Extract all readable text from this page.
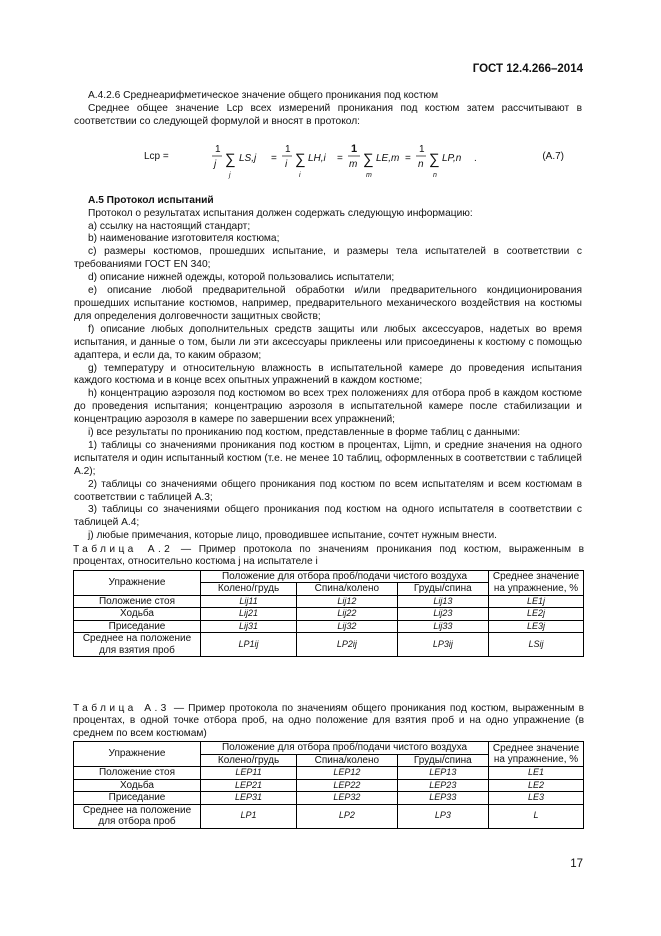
ГОСТ 12.4.266–2014

А.4.2.6 Среднеарифметическое значение общего проникания под костюм

Среднее общее значение Lср всех измерений проникания под костюм затем рассчитывают в соответствии со следующей формулой и вносят в протокол:

Lср =
1
j ∑
j
LS,j =
1
i ∑
i
LH,i =
1
m ∑
m
LE,m =
1
n ∑
n
LP,n .	(А.7)

А.5 Протокол испытаний

Протокол о результатах испытания должен содержать следующую информацию:

а) ссылку на настоящий стандарт;

b) наименование изготовителя костюма;

с) размеры костюмов, прошедших испытание, и размеры тела испытателей в соответствии с требованиями ГОСТ EN 340;

d) описание нижней одежды, которой пользовались испытатели;

е) описание любой предварительной обработки и/или предварительного кондиционирования прошедших испытание костюмов, например, предварительного механического воздействия на костюмы для определения долговечности защитных свойств;

f) описание любых дополнительных средств защиты или любых аксессуаров, надетых во время испытания, и данные о том, были ли эти аксессуары приклеены или присоединены к костюму с помощью адаптера, и если да, то каким образом;

g) температуру и относительную влажность в испытательной камере до проведения испытания каждого костюма и в конце всех опытных упражнений в каждом костюме;

h) концентрацию аэрозоля под костюмом во всех трех положениях для отбора проб в каждом костюме до проведения испытания; концентрацию аэрозоля в испытательной камере после стабилизации и концентрацию аэрозоля в камере по завершении всех упражнений;

i) все результаты по прониканию под костюм, представленные в форме таблиц с данными:

1) таблицы со значениями проникания под костюм в процентах, Lijmn, и средние значения на одного испытателя и один испытанный костюм (т.е. не менее 10 таблиц, оформленных в соответствии с таблицей А.2);

2) таблицы со значениями общего проникания под костюм по всем испытателям и всем костюмам в соответствии с таблицей А.3;

3) таблицы со значениями общего проникания под костюм на одного испытателя в соответствии с таблицей А.4;

j) любые примечания, которые лицо, проводившее испытание, сочтет нужным внести.

Таблица А.2 — Пример протокола по значениям проникания под костюм, выраженным в процентах, относительно костюма j на испытателе i

Упражнение	Положение для отбора проб/подачи чистого воздуха			Среднее значение на упражнение, %
	Колено/грудь	Спина/колено	Груды/спина	
Положение стоя	Lij11	Lij12	Lij13	LE1j
Ходьба	Lij21	Lij22	Lij23	LE2j
Приседание	Lij31	Lij32	Lij33	LE3j
Среднее на положение для взятия проб	LP1ij	LP2ij	LP3ij	LSij

Таблица А.3 — Пример протокола по значениям общего проникания под костюм, выраженным в процентах, в одной точке отбора проб, на одно положение для взятия проб и на одно упражнение (в среднем по всем костюмам)

Упражнение	Положение для отбора проб/подачи чистого воздуха			Среднее значение на упражнение, %
	Колено/грудь	Спина/колено	Груды/спина	
Положение стоя	LEP11	LEP12	LEP13	LE1
Ходьба	LEP21	LEP22	LEP23	LE2
Приседание	LEP31	LEP32	LEP33	LE3
Среднее на положение для отбора проб	LP1	LP2	LP3	L
17
